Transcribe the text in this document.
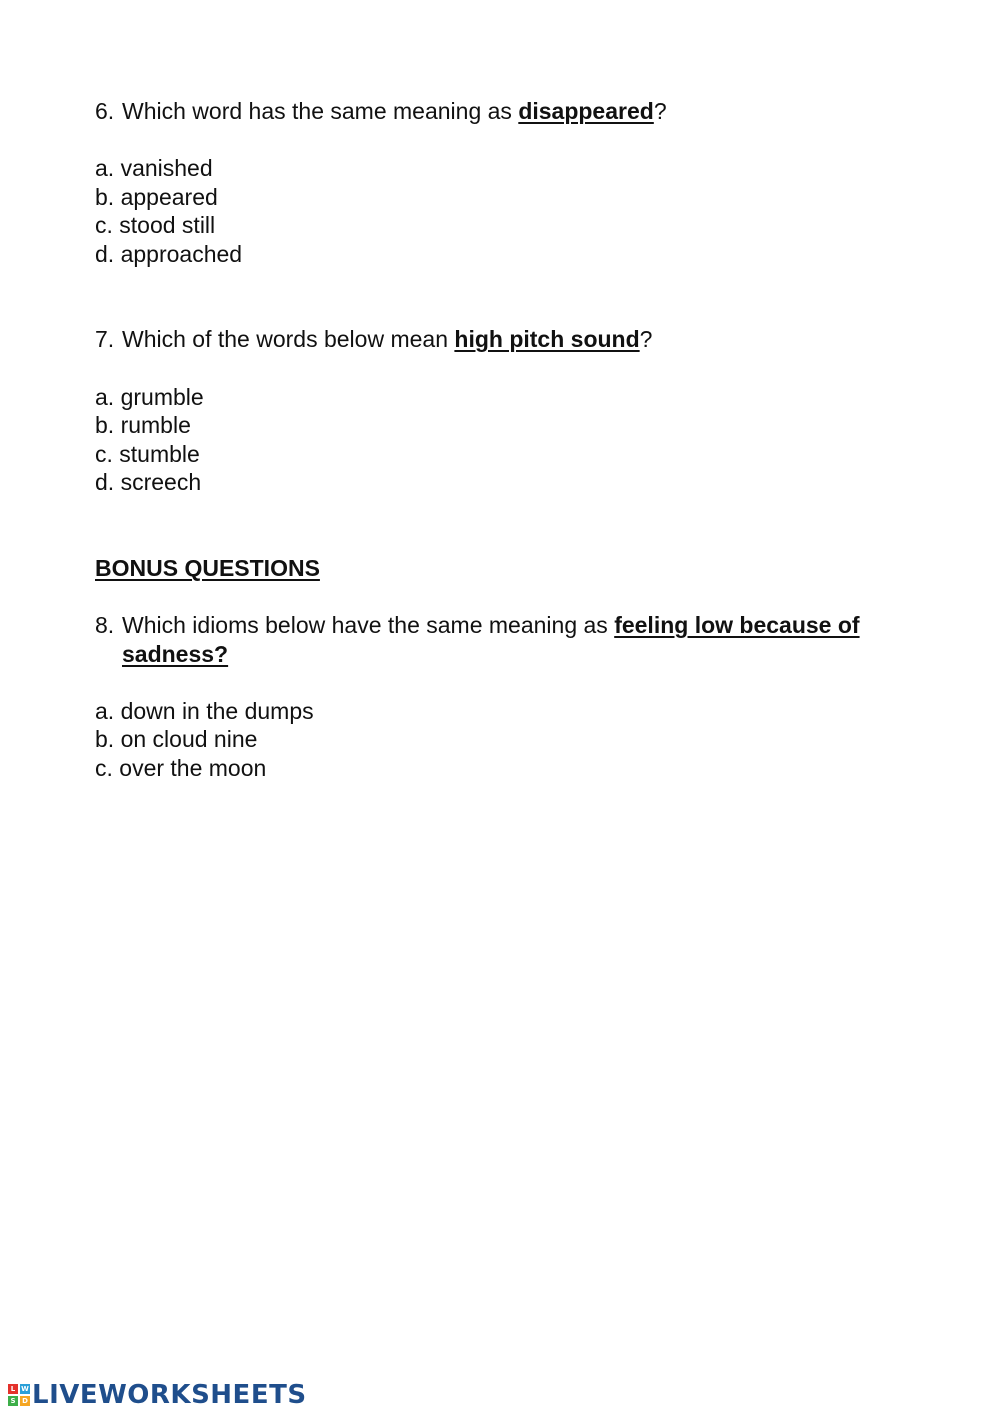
6. Which word has the same meaning as disappeared?
a. vanished
b. appeared
c. stood still
d. approached
7. Which of the words below mean high pitch sound?
a. grumble
b. rumble
c. stumble
d. screech
BONUS QUESTIONS
8. Which idioms below have the same meaning as feeling low because of
sadness?
a. down in the dumps
b. on cloud nine
c. over the moon
L W
S D LIVEWORKSHEETS
